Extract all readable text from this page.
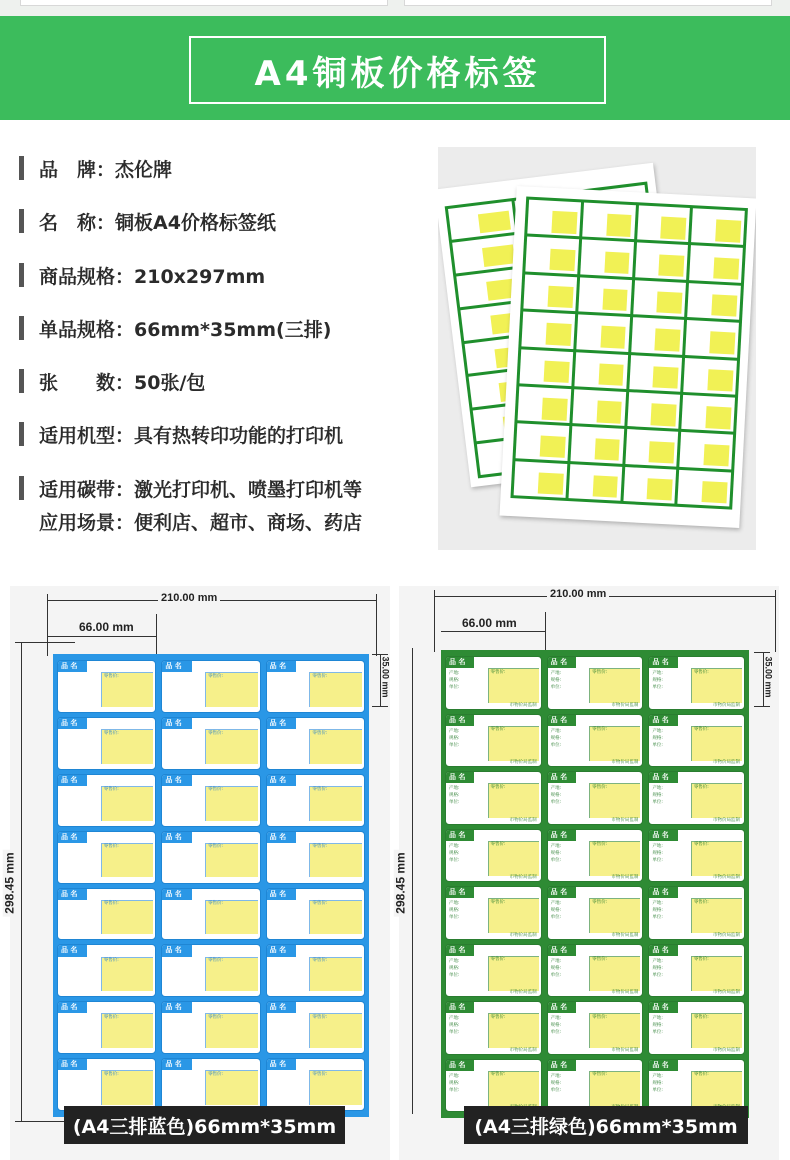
A4铜板价格标签
品　牌：杰伦牌
名　称：铜板A4价格标签纸
商品规格：210x297mm
单品规格：66mm*35mm(三排)
张　　数：50张/包
适用机型：具有热转印功能的打印机
适用碳带：激光打印机、喷墨打印机等
应用场景：便利店、超市、商场、药店
210.00 mm
66.00 mm
298.45 mm
35.00 mm
品 名
零售价:
品 名
零售价:
品 名
零售价:
品 名
零售价:
品 名
零售价:
品 名
零售价:
品 名
零售价:
品 名
零售价:
品 名
零售价:
品 名
零售价:
品 名
零售价:
品 名
零售价:
品 名
零售价:
品 名
零售价:
品 名
零售价:
品 名
零售价:
品 名
零售价:
品 名
零售价:
品 名
零售价:
品 名
零售价:
品 名
零售价:
品 名
零售价:
品 名
零售价:
品 名
零售价:
210.00 mm
66.00 mm
298.45 mm
35.00 mm
品 名
零售价:
产地:
规格:
单位:
市物价局监制
品 名
零售价:
产地:
规格:
单位:
市物价局监制
品 名
零售价:
产地:
规格:
单位:
市物价局监制
品 名
零售价:
产地:
规格:
单位:
市物价局监制
品 名
零售价:
产地:
规格:
单位:
市物价局监制
品 名
零售价:
产地:
规格:
单位:
市物价局监制
品 名
零售价:
产地:
规格:
单位:
市物价局监制
品 名
零售价:
产地:
规格:
单位:
市物价局监制
品 名
零售价:
产地:
规格:
单位:
市物价局监制
品 名
零售价:
产地:
规格:
单位:
市物价局监制
品 名
零售价:
产地:
规格:
单位:
市物价局监制
品 名
零售价:
产地:
规格:
单位:
市物价局监制
品 名
零售价:
产地:
规格:
单位:
市物价局监制
品 名
零售价:
产地:
规格:
单位:
市物价局监制
品 名
零售价:
产地:
规格:
单位:
市物价局监制
品 名
零售价:
产地:
规格:
单位:
市物价局监制
品 名
零售价:
产地:
规格:
单位:
市物价局监制
品 名
零售价:
产地:
规格:
单位:
市物价局监制
品 名
零售价:
产地:
规格:
单位:
市物价局监制
品 名
零售价:
产地:
规格:
单位:
市物价局监制
品 名
零售价:
产地:
规格:
单位:
市物价局监制
品 名
零售价:
产地:
规格:
单位:
品 名
零售价:
产地:
规格:
单位:
品 名
零售价:
产地:
规格:
单位:
(A4三排蓝色)66mm*35mm	(A4三排绿色)66mm*35mm
